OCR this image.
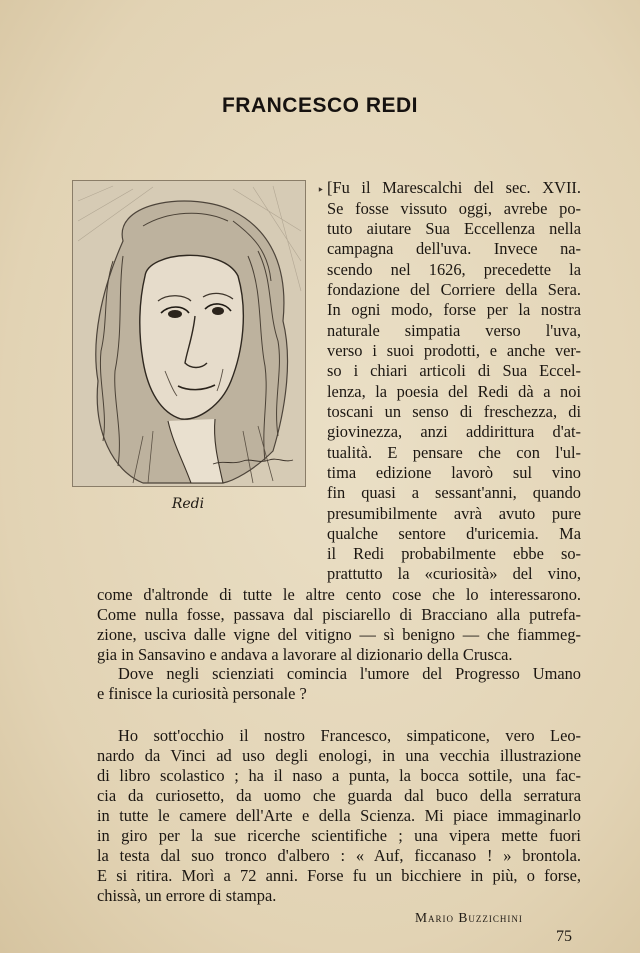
FRANCESCO REDI
‣
Redi
[Fu il Marescalchi del sec. XVII.
Se fosse vissuto oggi, avrebe po-
tuto aiutare Sua Eccellenza nella
campagna dell'uva. Invece na-
scendo nel 1626, precedette la
fondazione del Corriere della Sera.
In ogni modo, forse per la nostra
naturale simpatia verso l'uva,
verso i suoi prodotti, e anche ver-
so i chiari articoli di Sua Eccel-
lenza, la poesia del Redi dà a noi
toscani un senso di freschezza, di
giovinezza, anzi addirittura d'at-
tualità. E pensare che con l'ul-
tima edizione lavorò sul vino
fin quasi a sessant'anni, quando
presumibilmente avrà avuto pure
qualche sentore d'uricemia. Ma
il Redi probabilmente ebbe so-
prattutto la «curiosità» del vino,
come d'altronde di tutte le altre cento cose che lo interessarono.
Come nulla fosse, passava dal pisciarello di Bracciano alla putrefa-
zione, usciva dalle vigne del vitigno — sì benigno — che fiammeg-
gia in Sansavino e andava a lavorare al dizionario della Crusca.
Dove negli scienziati comincia l'umore del Progresso Umano
e finisce la curiosità personale ?
Ho sott'occhio il nostro Francesco, simpaticone, vero Leo-
nardo da Vinci ad uso degli enologi, in una vecchia illustrazione
di libro scolastico ; ha il naso a punta, la bocca sottile, una fac-
cia da curiosetto, da uomo che guarda dal buco della serratura
in tutte le camere dell'Arte e della Scienza. Mi piace immaginarlo
in giro per la sue ricerche scientifiche ; una vipera mette fuori
la testa dal suo tronco d'albero : « Auf, ficcanaso ! » brontola.
E si ritira. Morì a 72 anni. Forse fu un bicchiere in più, o forse,
chissà, un errore di stampa.
Mario Buzzichini
75
